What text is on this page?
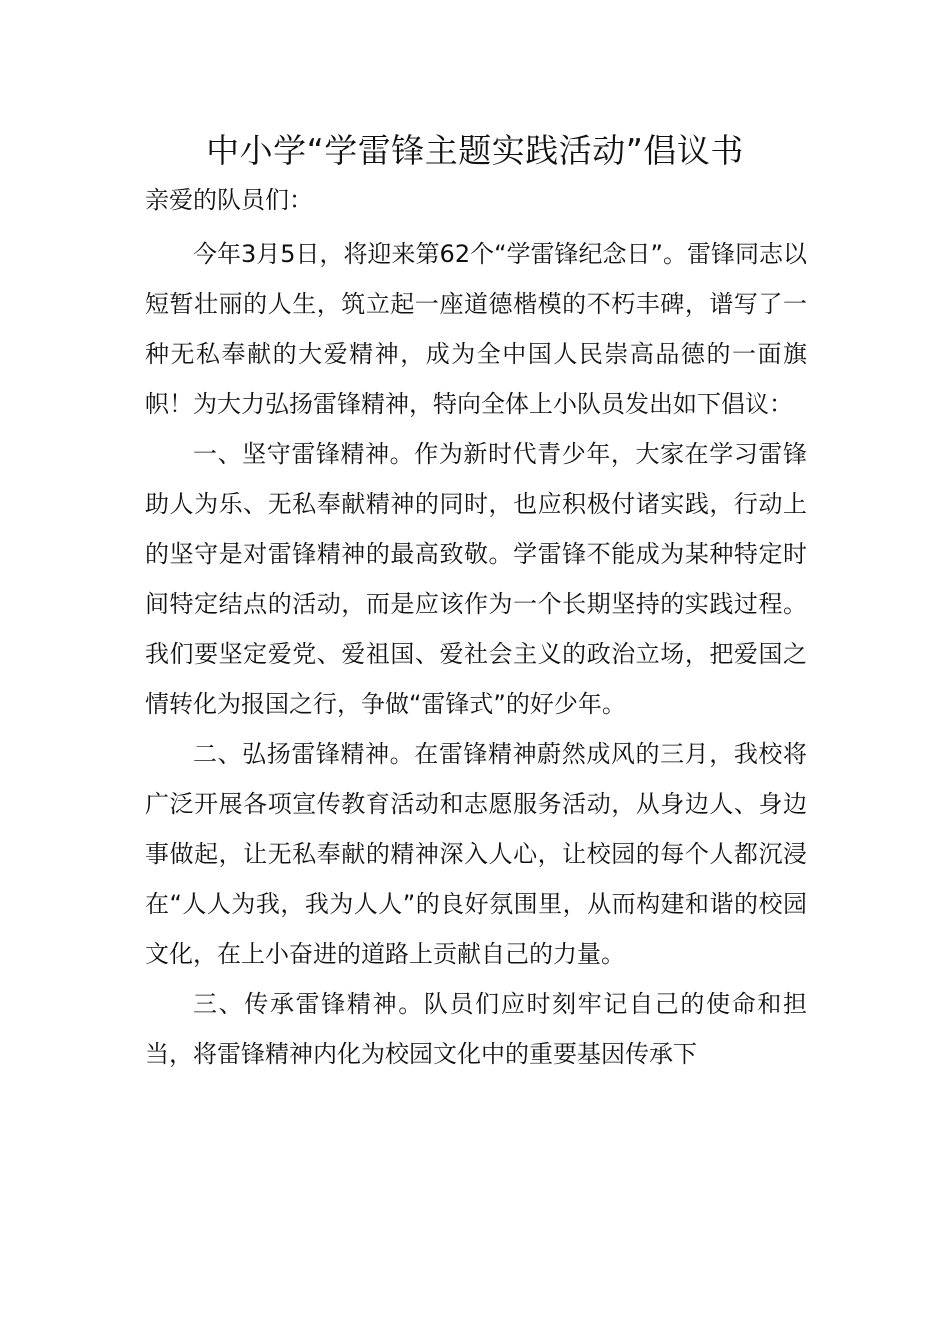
中小学“学雷锋主题实践活动”倡议书

亲爱的队员们：

今年3月5日，将迎来第62个“学雷锋纪念日”。雷锋同志以短暂壮丽的人生，筑立起一座道德楷模的不朽丰碑，谱写了一种无私奉献的大爱精神，成为全中国人民崇高品德的一面旗帜！为大力弘扬雷锋精神，特向全体上小队员发出如下倡议：

一、坚守雷锋精神。作为新时代青少年，大家在学习雷锋助人为乐、无私奉献精神的同时，也应积极付诸实践，行动上的坚守是对雷锋精神的最高致敬。学雷锋不能成为某种特定时间特定结点的活动，而是应该作为一个长期坚持的实践过程。我们要坚定爱党、爱祖国、爱社会主义的政治立场，把爱国之情转化为报国之行，争做“雷锋式”的好少年。

二、弘扬雷锋精神。在雷锋精神蔚然成风的三月，我校将广泛开展各项宣传教育活动和志愿服务活动，从身边人、身边事做起，让无私奉献的精神深入人心，让校园的每个人都沉浸在“人人为我，我为人人”的良好氛围里，从而构建和谐的校园文化，在上小奋进的道路上贡献自己的力量。

三、传承雷锋精神。队员们应时刻牢记自己的使命和担当，将雷锋精神内化为校园文化中的重要基因传承下
